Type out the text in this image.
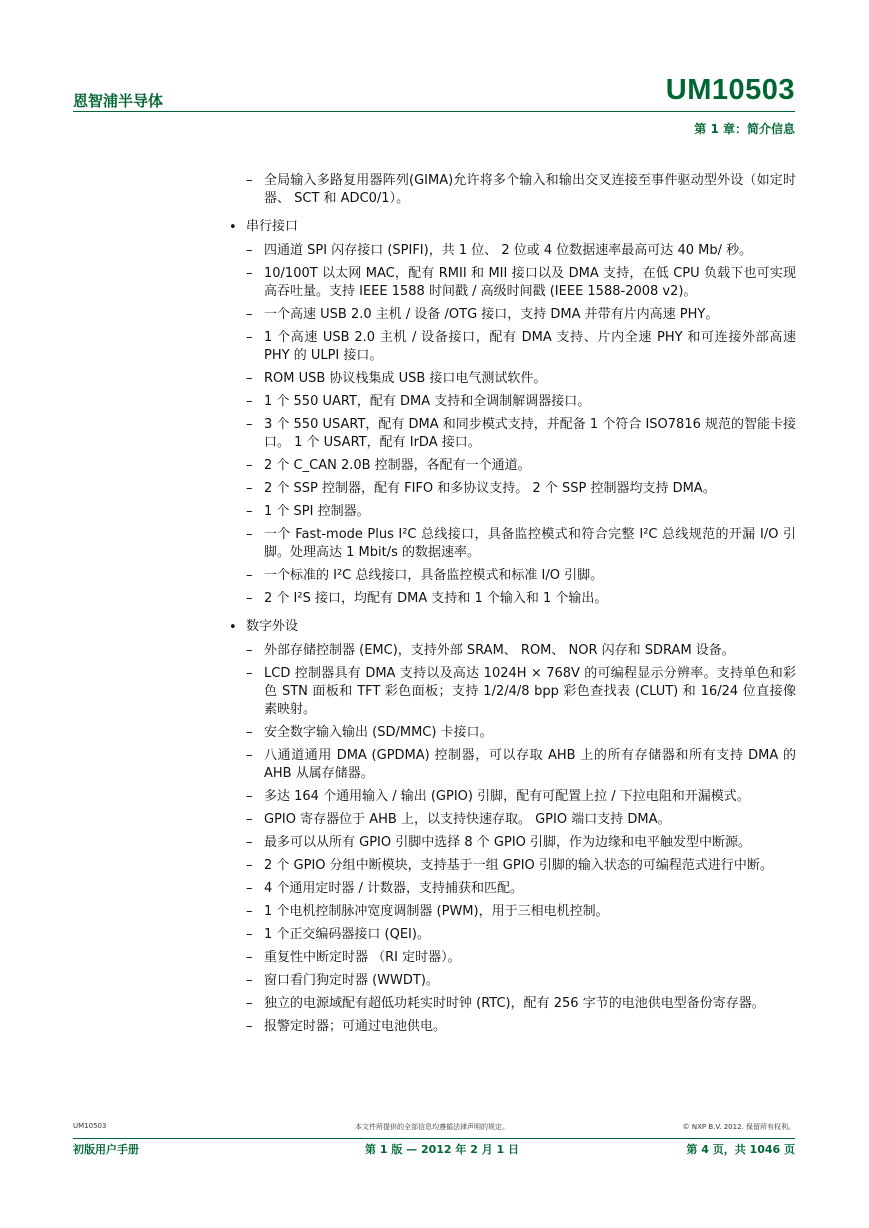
恩智浦半导体	UM10503
第 1 章：简介信息
– 全局输入多路复用器阵列(GIMA)允许将多个输入和输出交叉连接至事件驱动型外设（如定时器、 SCT 和 ADC0/1）。
• 串行接口
– 四通道 SPI 闪存接口 (SPIFI)，共 1 位、 2 位或 4 位数据速率最高可达 40 Mb/ 秒。
– 10/100T 以太网 MAC，配有 RMII 和 MII 接口以及 DMA 支持，在低 CPU 负载下也可实现高吞吐量。支持 IEEE 1588 时间戳 / 高级时间戳 (IEEE 1588-2008 v2)。
– 一个高速 USB 2.0 主机 / 设备 /OTG 接口，支持 DMA 并带有片内高速 PHY。
– 1 个高速 USB 2.0 主机 / 设备接口，配有 DMA 支持、片内全速 PHY 和可连接外部高速 PHY 的 ULPI 接口。
– ROM USB 协议栈集成 USB 接口电气测试软件。
– 1 个 550 UART，配有 DMA 支持和全调制解调器接口。
– 3 个 550 USART，配有 DMA 和同步模式支持，并配备 1 个符合 ISO7816 规范的智能卡接口。 1 个 USART，配有 IrDA 接口。
– 2 个 C_CAN 2.0B 控制器，各配有一个通道。
– 2 个 SSP 控制器，配有 FIFO 和多协议支持。 2 个 SSP 控制器均支持 DMA。
– 1 个 SPI 控制器。
– 一个 Fast-mode Plus I²C 总线接口，具备监控模式和符合完整 I²C 总线规范的开漏 I/O 引脚。处理高达 1 Mbit/s 的数据速率。
– 一个标准的 I²C 总线接口，具备监控模式和标准 I/O 引脚。
– 2 个 I²S 接口，均配有 DMA 支持和 1 个输入和 1 个输出。
• 数字外设
– 外部存储控制器 (EMC)，支持外部 SRAM、 ROM、 NOR 闪存和 SDRAM 设备。
– LCD 控制器具有 DMA 支持以及高达 1024H × 768V 的可编程显示分辨率。支持单色和彩色 STN 面板和 TFT 彩色面板；支持 1/2/4/8 bpp 彩色查找表 (CLUT) 和 16/24 位直接像素映射。
– 安全数字输入输出 (SD/MMC) 卡接口。
– 八通道通用 DMA (GPDMA) 控制器，可以存取 AHB 上的所有存储器和所有支持 DMA 的 AHB 从属存储器。
– 多达 164 个通用输入 / 输出 (GPIO) 引脚，配有可配置上拉 / 下拉电阻和开漏模式。
– GPIO 寄存器位于 AHB 上，以支持快速存取。 GPIO 端口支持 DMA。
– 最多可以从所有 GPIO 引脚中选择 8 个 GPIO 引脚，作为边缘和电平触发型中断源。
– 2 个 GPIO 分组中断模块，支持基于一组 GPIO 引脚的输入状态的可编程范式进行中断。
– 4 个通用定时器 / 计数器，支持捕获和匹配。
– 1 个电机控制脉冲宽度调制器 (PWM)，用于三相电机控制。
– 1 个正交编码器接口 (QEI)。
– 重复性中断定时器 （RI 定时器）。
– 窗口看门狗定时器 (WWDT)。
– 独立的电源域配有超低功耗实时时钟 (RTC)，配有 256 字节的电池供电型备份寄存器。
– 报警定时器；可通过电池供电。
UM10503	本文件所提供的全部信息均遵循法律声明的规定。	© NXP B.V. 2012. 保留所有权利。
初版用户手册	第 1 版 — 2012 年 2 月 1 日	第 4 页，共 1046 页
